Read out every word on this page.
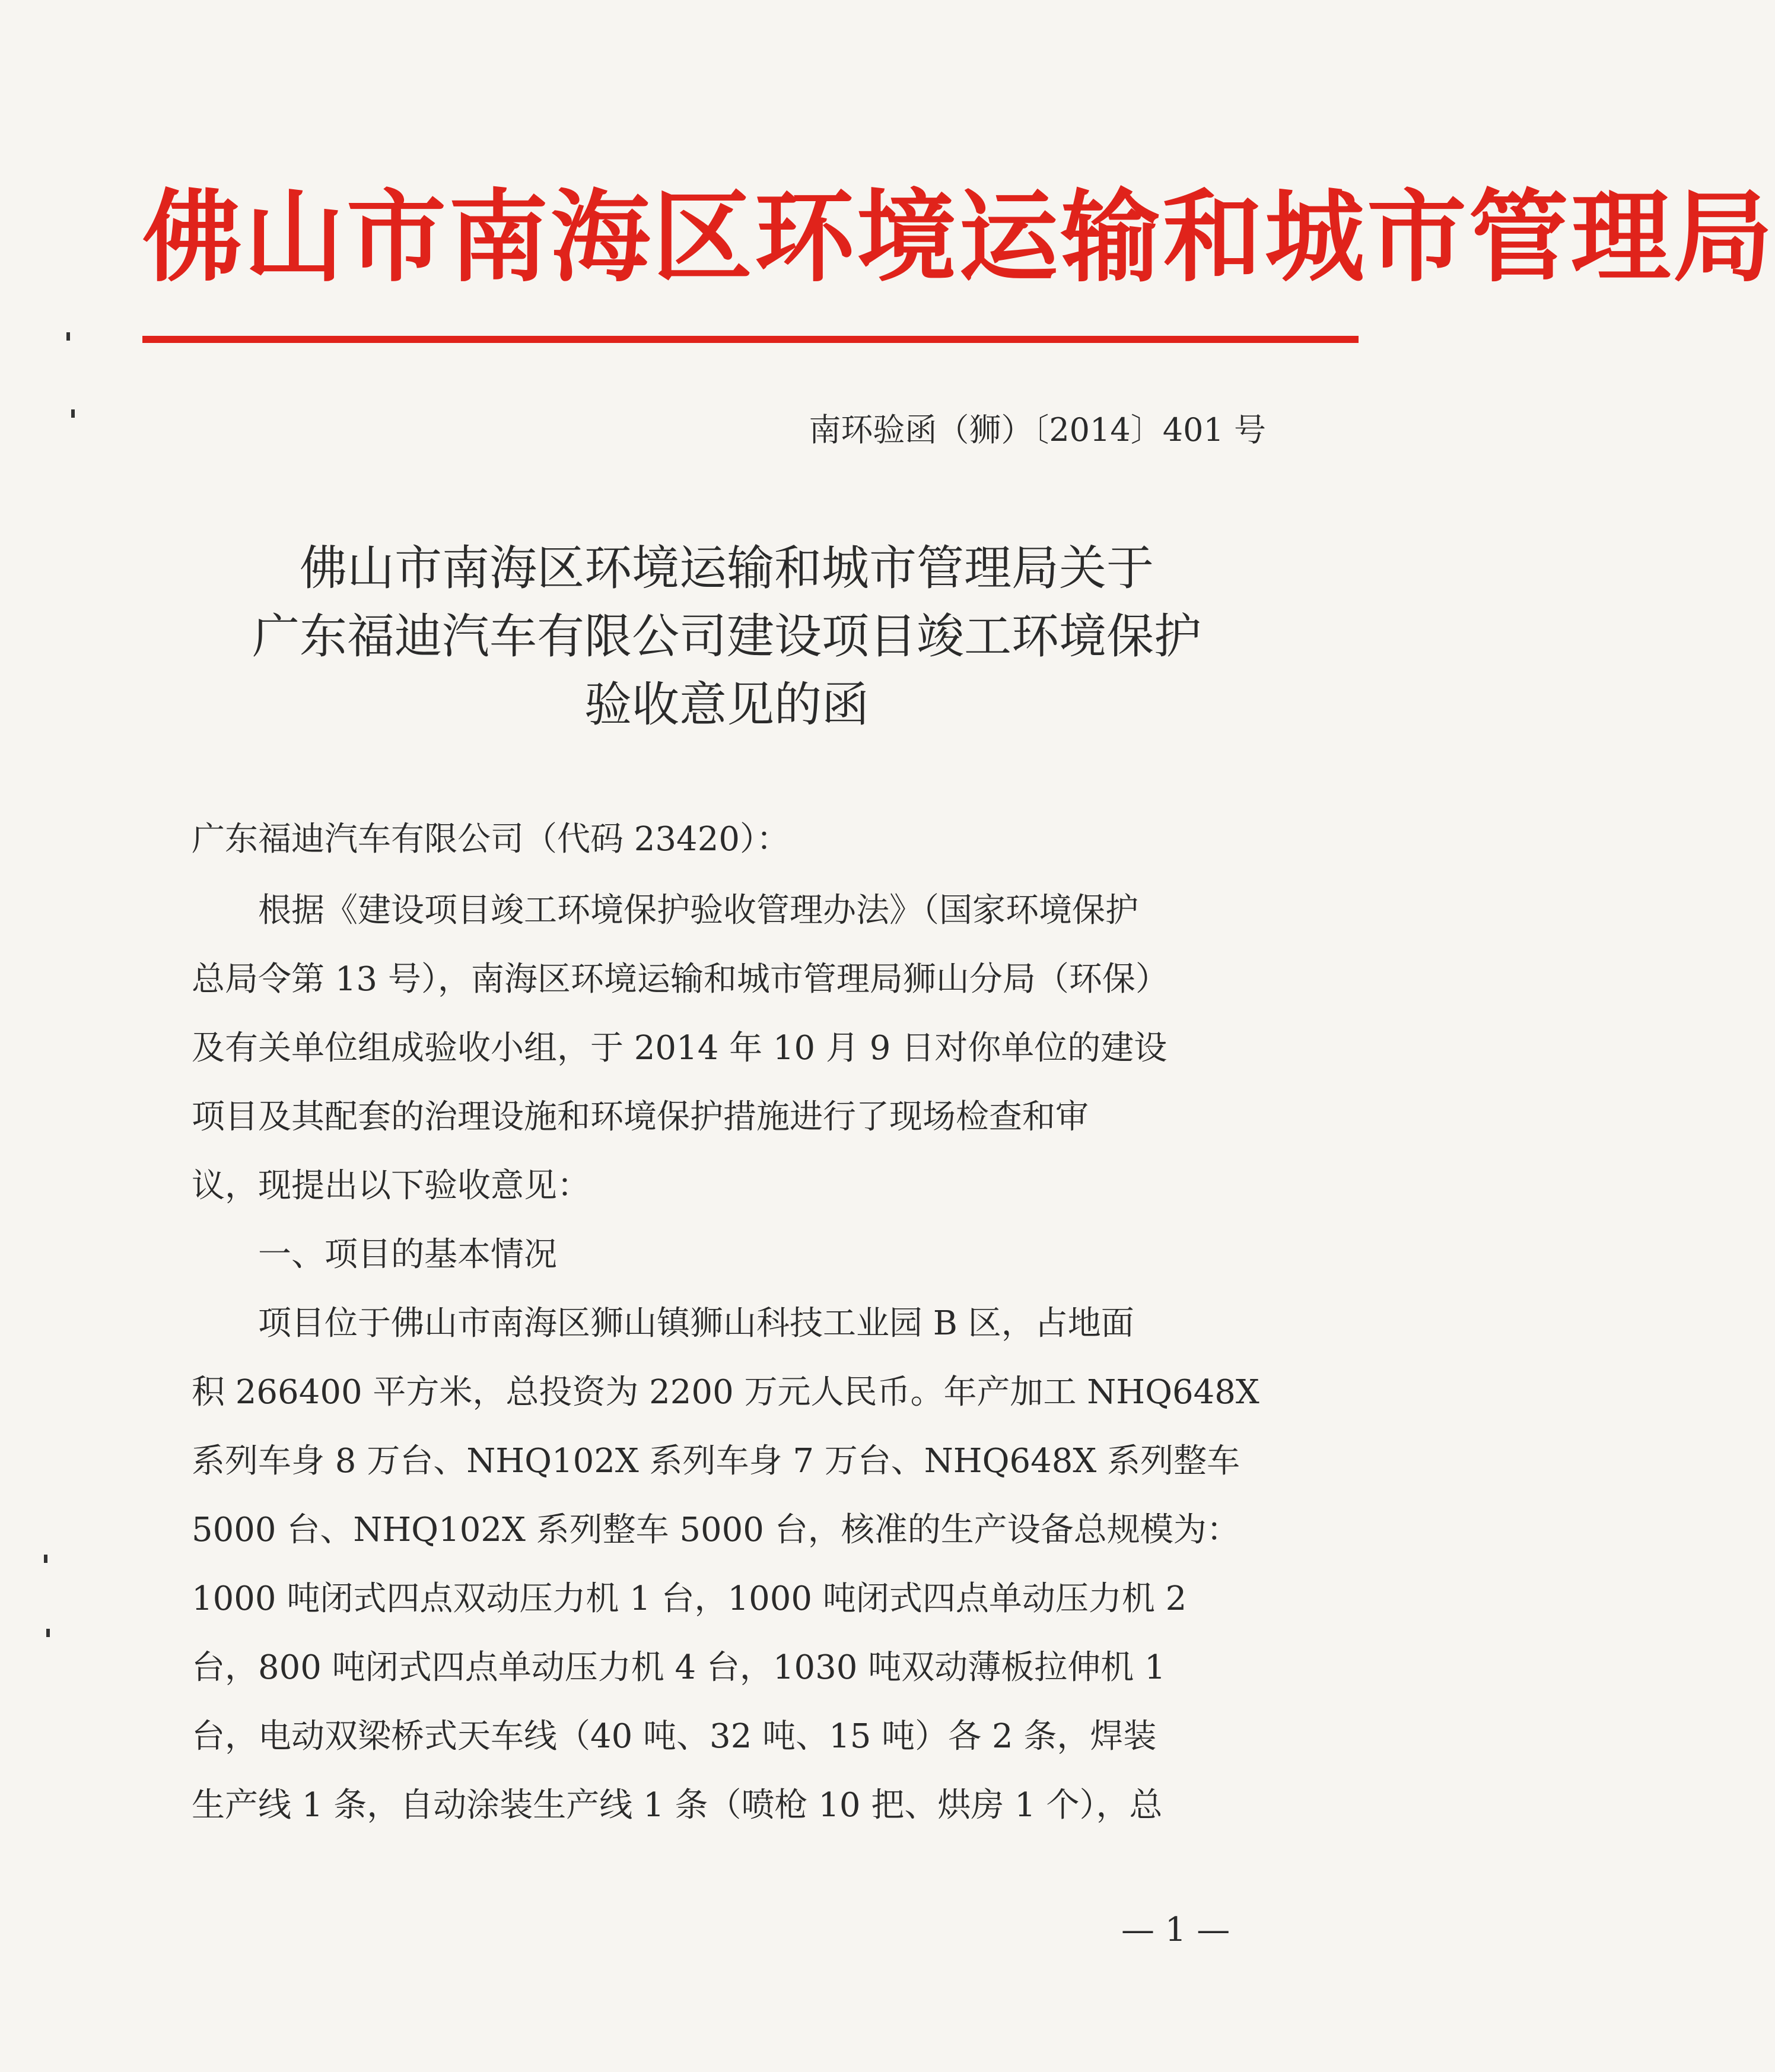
佛山市南海区环境运输和城市管理局
南环验函（狮）〔2014〕401 号
佛山市南海区环境运输和城市管理局关于
广东福迪汽车有限公司建设项目竣工环境保护
验收意见的函
广东福迪汽车有限公司（代码 23420）：
　　根据《建设项目竣工环境保护验收管理办法》（国家环境保护
总局令第 13 号），南海区环境运输和城市管理局狮山分局（环保）
及有关单位组成验收小组，于 2014 年 10 月 9 日对你单位的建设
项目及其配套的治理设施和环境保护措施进行了现场检查和审
议，现提出以下验收意见：
　　一、项目的基本情况
　　项目位于佛山市南海区狮山镇狮山科技工业园 B 区，占地面
积 266400 平方米，总投资为 2200 万元人民币。年产加工 NHQ648X
系列车身 8 万台、NHQ102X 系列车身 7 万台、NHQ648X 系列整车
5000 台、NHQ102X 系列整车 5000 台，核准的生产设备总规模为：
1000 吨闭式四点双动压力机 1 台，1000 吨闭式四点单动压力机 2
台，800 吨闭式四点单动压力机 4 台，1030 吨双动薄板拉伸机 1
台，电动双梁桥式天车线（40 吨、32 吨、15 吨）各 2 条，焊装
生产线 1 条，自动涂装生产线 1 条（喷枪 10 把、烘房 1 个），总
— 1 —
